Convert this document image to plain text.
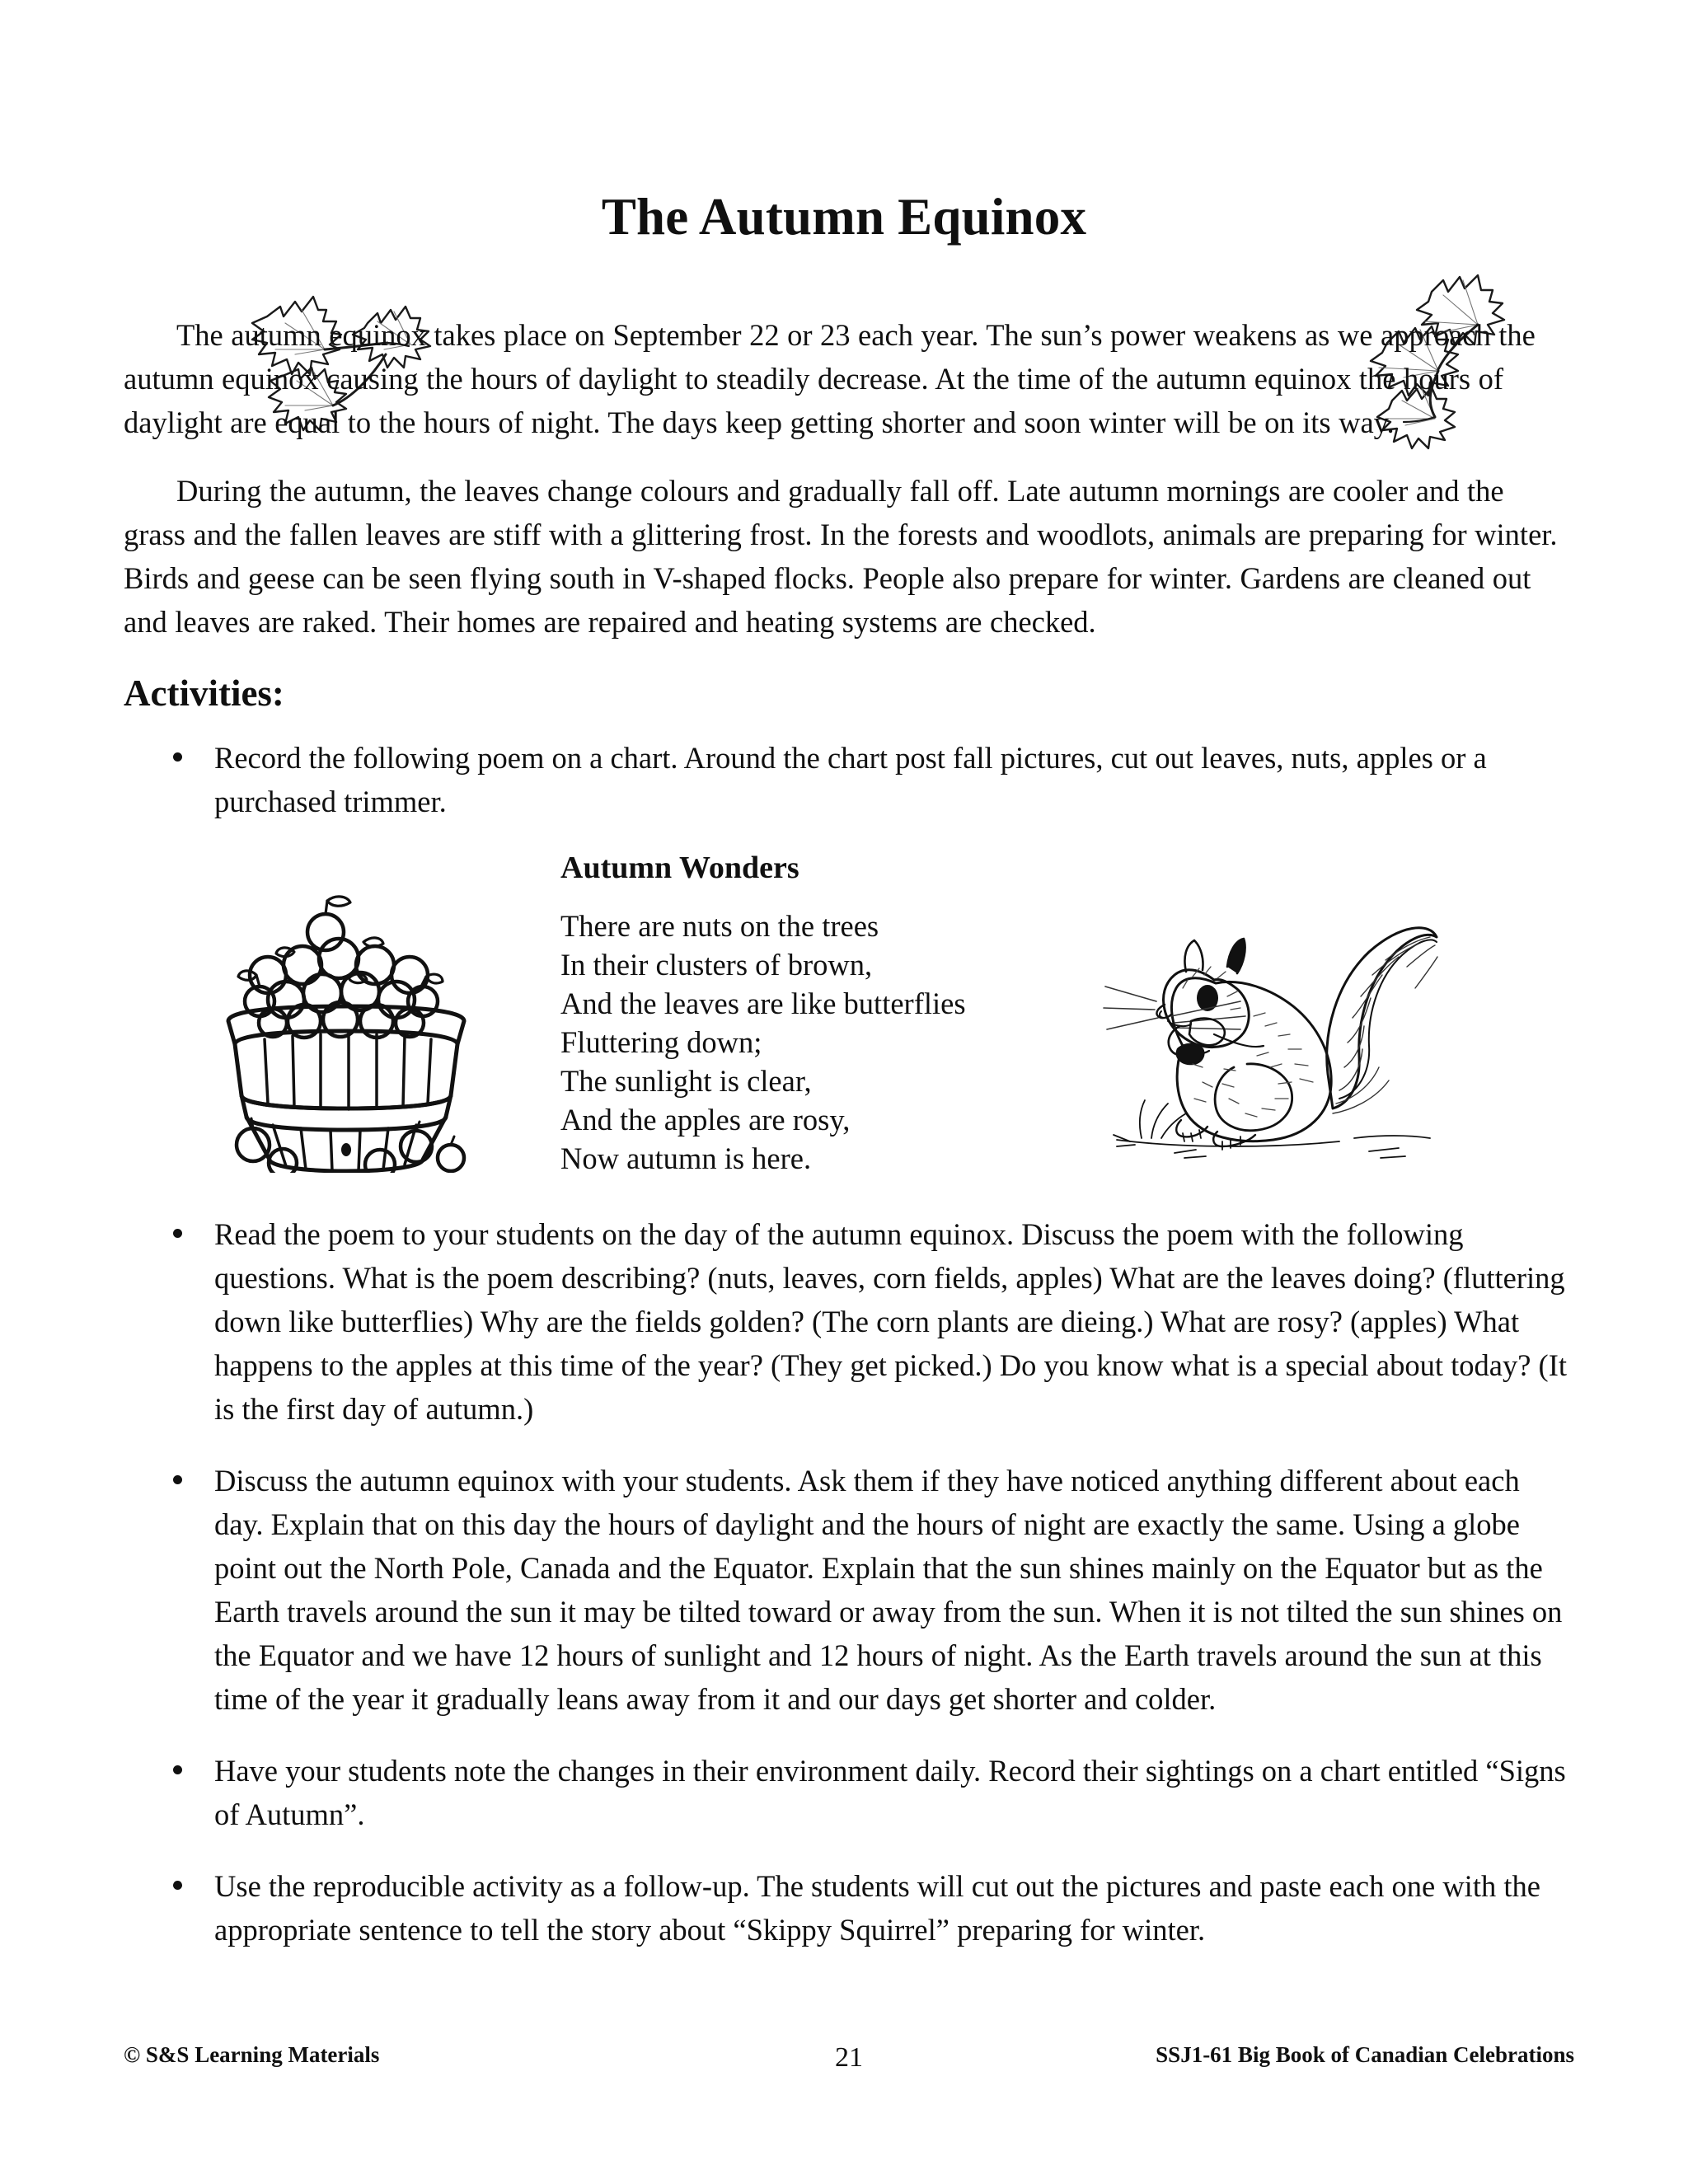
The Autumn Equinox

The autumn equinox takes place on September 22 or 23 each year. The sun’s power weakens as we approach the autumn equinox causing the hours of daylight to steadily decrease. At the time of the autumn equinox the hours of daylight are equal to the hours of night. The days keep getting shorter and soon winter will be on its way.

During the autumn, the leaves change colours and gradually fall off. Late autumn mornings are cooler and the grass and the fallen leaves are stiff with a glittering frost. In the forests and woodlots, animals are preparing for winter. Birds and geese can be seen flying south in V-shaped flocks. People also prepare for winter. Gardens are cleaned out and leaves are raked. Their homes are repaired and heating systems are checked.

Activities:
Record the following poem on a chart. Around the chart post fall pictures, cut out leaves, nuts, apples or a purchased trimmer.
Autumn Wonders
There are nuts on the trees
In their clusters of brown,
And the leaves are like butterflies
Fluttering down;
The sunlight is clear,
And the apples are rosy,
Now autumn is here.
Read the poem to your students on the day of the autumn equinox. Discuss the poem with the following questions. What is the poem describing? (nuts, leaves, corn fields, apples) What are the leaves doing? (fluttering down like butterflies) Why are the fields golden? (The corn plants are dieing.) What are rosy? (apples) What happens to the apples at this time of the year? (They get picked.) Do you know what is a special about today? (It is the first day of autumn.)
Discuss the autumn equinox with your students. Ask them if they have noticed anything different about each day. Explain that on this day the hours of daylight and the hours of night are exactly the same. Using a globe point out the North Pole, Canada and the Equator. Explain that the sun shines mainly on the Equator but as the Earth travels around the sun it may be tilted toward or away from the sun. When it is not tilted the sun shines on the Equator and we have 12 hours of sunlight and 12 hours of night. As the Earth travels around the sun at this time of the year it gradually leans away from it and our days get shorter and colder.
Have your students note the changes in their environment daily. Record their sightings on a chart entitled “Signs of Autumn”.
Use the reproducible activity as a follow-up. The students will cut out the pictures and paste each one with the appropriate sentence to tell the story about “Skippy Squirrel” preparing for winter.
© S&S Learning Materials	21	SSJ1-61 Big Book of Canadian Celebrations
